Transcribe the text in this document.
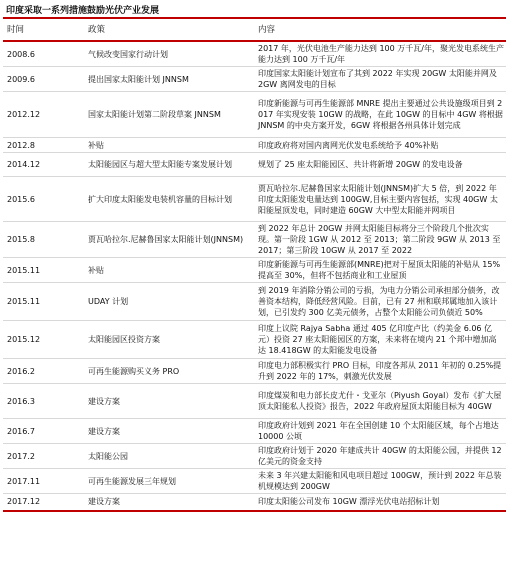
印度采取一系列措施鼓励光伏产业发展
时间	政策	内容
2008.6	气候改变国家行动计划	2017 年，光伏电池生产能力达到 100 万千瓦/年，聚光发电系统生产能力达到 100 万千瓦/年
2009.6	提出国家太阳能计划 JNNSM	印度国家太阳能计划宣布了其到 2022 年实现 20GW 太阳能并网及 2GW 离网发电的目标
2012.12	国家太阳能计划第二阶段草案 JNNSM	印度新能源与可再生能源部 MNRE 提出主要通过公共设施级项目到 2017 年实现安装 10GW 的战略，在此 10GW 的目标中 4GW 将根据 JNNSM 的中央方案开发，6GW 将根据各州具体计划完成
2012.8	补贴	印度政府将对国内离网光伏发电系统给予 40%补贴
2014.12	太阳能园区与超大型太阳能专案发展计划	规划了 25 座太阳能园区、共计将新增 20GW 的发电设备
2015.6	扩大印度太阳能发电装机容量的目标计划	贾瓦哈拉尔.尼赫鲁国家太阳能计划(JNNSM)扩大 5 倍，到 2022 年印度太阳能发电量达到 100GW,目标主要内容包括，实现 40GW 太阳能屋顶发电，同时建造 60GW 大中型太阳能并网项目
2015.8	贾瓦哈拉尔.尼赫鲁国家太阳能计划(JNNSM)	到 2022 年总计 20GW 并网太阳能目标将分三个阶段几个批次实现。第一阶段 1GW 从 2012 至 2013；第二阶段 9GW 从 2013 至 2017；第三阶段 10GW 从 2017 至 2022
2015.11	补贴	印度新能源与可再生能源部(MNRE)把对于屋顶太阳能的补贴从 15%提高至 30%，但将不包括商业和工业屋顶
2015.11	UDAY 计划	到 2019 年消除分销公司的亏损，为电力分销公司承担部分债务，改善资本结构，降低经营风险。目前，已有 27 州和联邦属地加入该计划，已引发约 300 亿美元债务，占整个太阳能公司负债近 50%
2015.12	太阳能园区投资方案	印度上议院 Rajya Sabha 通过 405 亿印度卢比（约美金 6.06 亿元）投资 27 座太阳能园区的方案，未来将在境内 21 个邦中增加高达 18.418GW 的太阳能发电设备
2016.2	可再生能源购买义务 PRO	印度电力部积极实行 PRO 目标，印度各邦从 2011 年初的 0.25%提升到 2022 年的 17%，刺激光伏发展
2016.3	建设方案	印度煤炭和电力部长皮尤什・戈亚尔（Piyush Goyal）发布《扩大屋顶太阳能私人投资》报告，2022 年政府屋顶太阳能目标为 40GW
2016.7	建设方案	印度政府计划到 2021 年在全国创建 10 个太阳能区域，每个占地达 10000 公顷
2017.2	太阳能公园	印度政府计划于 2020 年建成共计 40GW 的太阳能公园，并提供 12 亿美元的资金支持
2017.11	可再生能源发展三年规划	未来 3 年兴建太阳能和风电项目超过 100GW，预计到 2022 年总装机规模达到 200GW
2017.12	建设方案	印度太阳能公司发布 10GW 漂浮光伏电站招标计划
